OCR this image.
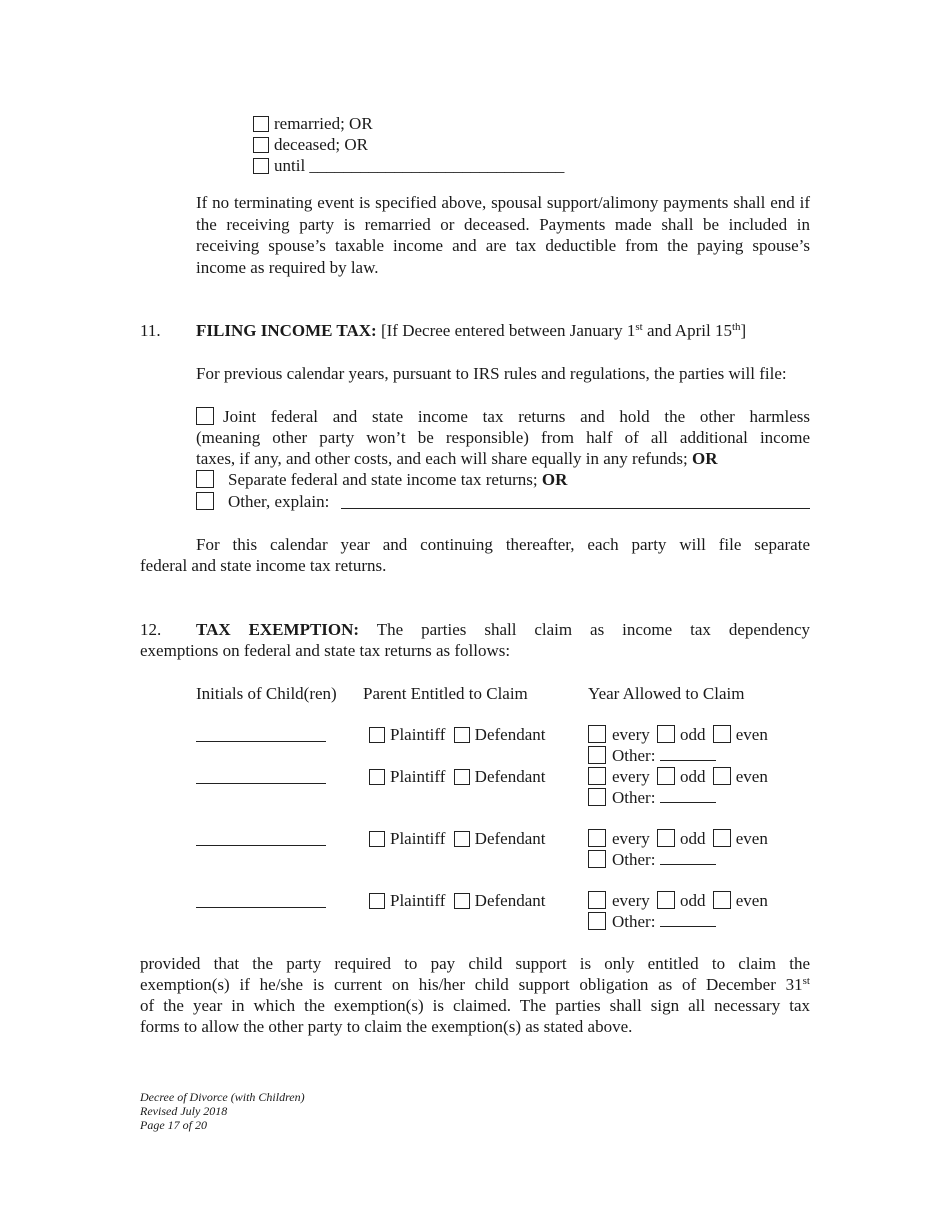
remarried; OR
deceased; OR
until ______________________________
If no terminating event is specified above, spousal support/alimony payments shall end if the receiving party is remarried or deceased. Payments made shall be included in receiving spouse’s taxable income and are tax deductible from the paying spouse’s income as required by law.
11. FILING INCOME TAX: [If Decree entered between January 1st and April 15th]
For previous calendar years, pursuant to IRS rules and regulations, the parties will file:
Joint federal and state income tax returns and hold the other harmless
(meaning other party won’t be responsible) from half of all additional income
taxes, if any, and other costs, and each will share equally in any refunds; OR
Separate federal and state income tax returns; OR
Other, explain:
For this calendar year and continuing thereafter, each party will file separate
federal and state income tax returns.
12. TAX EXEMPTION: The parties shall claim as income tax dependency
exemptions on federal and state tax returns as follows:
Initials of Child(ren) Parent Entitled to Claim	Year Allowed to Claim
Plaintiff Defendant	every odd even
Other:
Plaintiff Defendant	every odd even
Other:
Plaintiff Defendant	every odd even
Other:
Plaintiff Defendant	every odd even
Other:
provided that the party required to pay child support is only entitled to claim the
exemption(s) if he/she is current on his/her child support obligation as of December 31st
of the year in which the exemption(s) is claimed. The parties shall sign all necessary tax
forms to allow the other party to claim the exemption(s) as stated above.
Decree of Divorce (with Children)
Revised July 2018
Page 17 of 20
